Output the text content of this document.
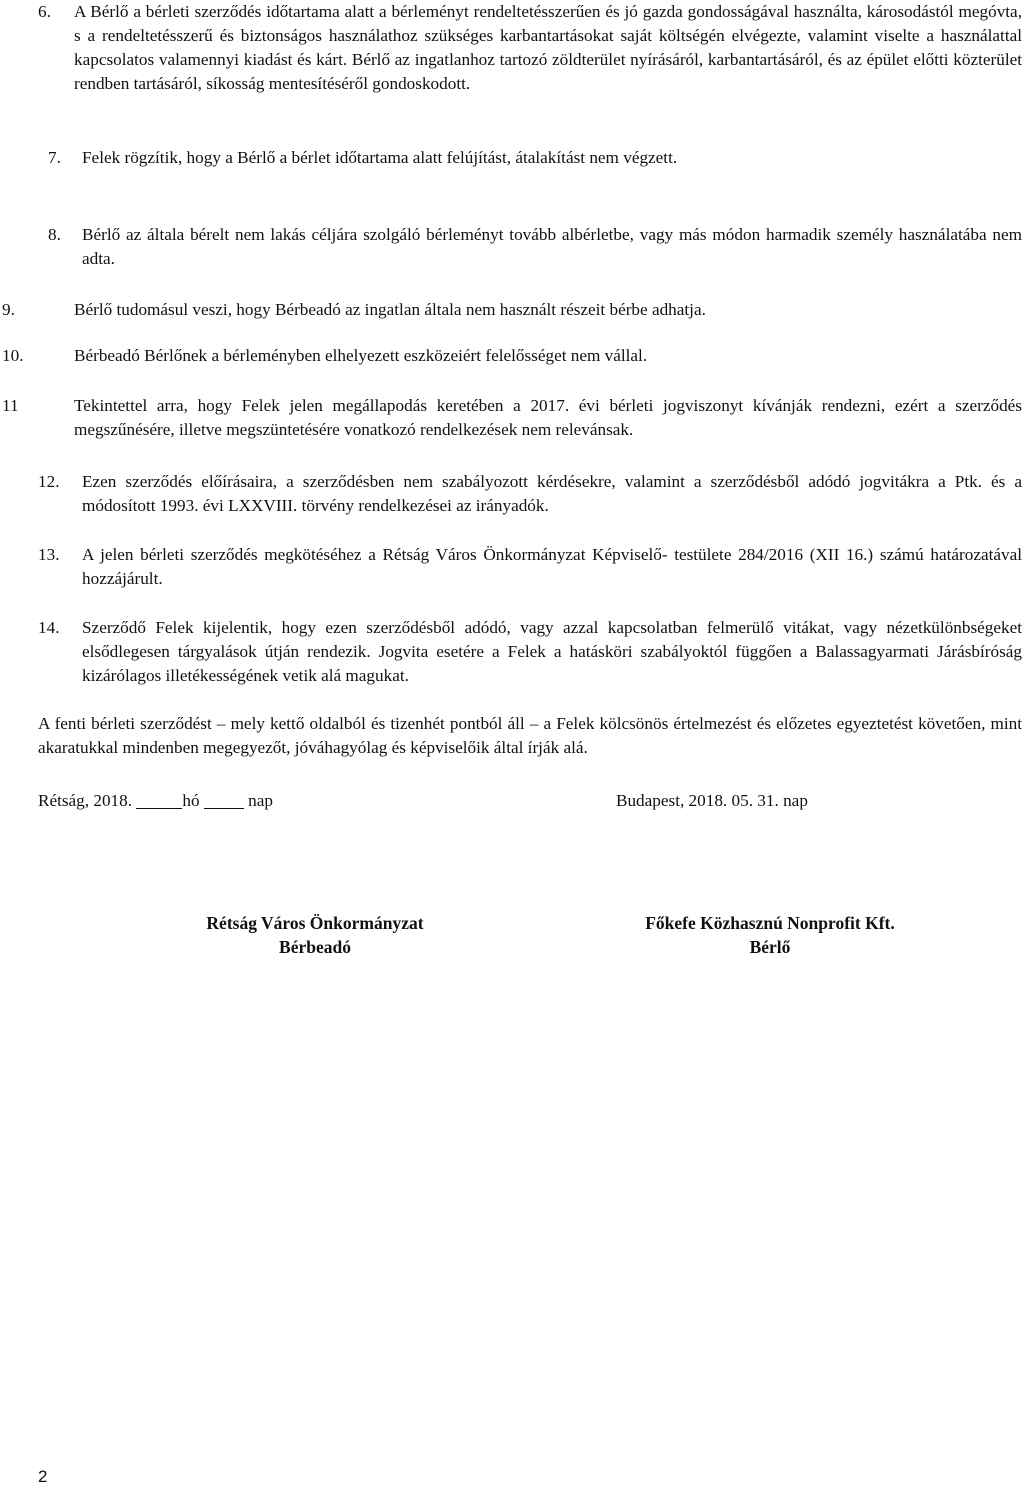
6. A Bérlő a bérleti szerződés időtartama alatt a bérleményt rendeltetésszerűen és jó gazda gondosságával használta, károsodástól megóvta, s a rendeltetésszerű és biztonságos használathoz szükséges karbantartásokat saját költségén elvégezte, valamint viselte a használattal kapcsolatos valamennyi kiadást és kárt. Bérlő az ingatlanhoz tartozó zöldterület nyírásáról, karbantartásáról, és az épület előtti közterület rendben tartásáról, síkosság mentesítéséről gondoskodott.
7. Felek rögzítik, hogy a Bérlő a bérlet időtartama alatt felújítást, átalakítást nem végzett.
8. Bérlő az általa bérelt nem lakás céljára szolgáló bérleményt tovább albérletbe, vagy más módon harmadik személy használatába nem adta.
9.	Bérlő tudomásul veszi, hogy Bérbeadó az ingatlan általa nem használt részeit bérbe adhatja.
10.	Bérbeadó Bérlőnek a bérleményben elhelyezett eszközeiért felelősséget nem vállal.
11	Tekintettel arra, hogy Felek jelen megállapodás keretében a 2017. évi bérleti jogviszonyt kívánják rendezni, ezért a szerződés megszűnésére, illetve megszüntetésére vonatkozó rendelkezések nem relevánsak.
12. Ezen szerződés előírásaira, a szerződésben nem szabályozott kérdésekre, valamint a szerződésből adódó jogvitákra a Ptk. és a módosított 1993. évi LXXVIII. törvény rendelkezései az irányadók.
13. A jelen bérleti szerződés megkötéséhez a Rétság Város Önkormányzat Képviselő- testülete 284/2016 (XII 16.) számú határozatával hozzájárult.
14. Szerződő Felek kijelentik, hogy ezen szerződésből adódó, vagy azzal kapcsolatban felmerülő vitákat, vagy nézetkülönbségeket elsődlegesen tárgyalások útján rendezik. Jogvita esetére a Felek a hatásköri szabályoktól függően a Balassagyarmati Járásbíróság kizárólagos illetékességének vetik alá magukat.
A fenti bérleti szerződést – mely kettő oldalból és tizenhét pontból áll – a Felek kölcsönös értelmezést és előzetes egyeztetést követően, mint akaratukkal mindenben megegyezőt, jóváhagyólag és képviselőik által írják alá.
Rétság, 2018.	hó	nap	Budapest, 2018. 05. 31. nap
Rétság Város Önkormányzat
Bérbeadó
Főkefe Közhasznú Nonprofit Kft.
Bérlő
2
